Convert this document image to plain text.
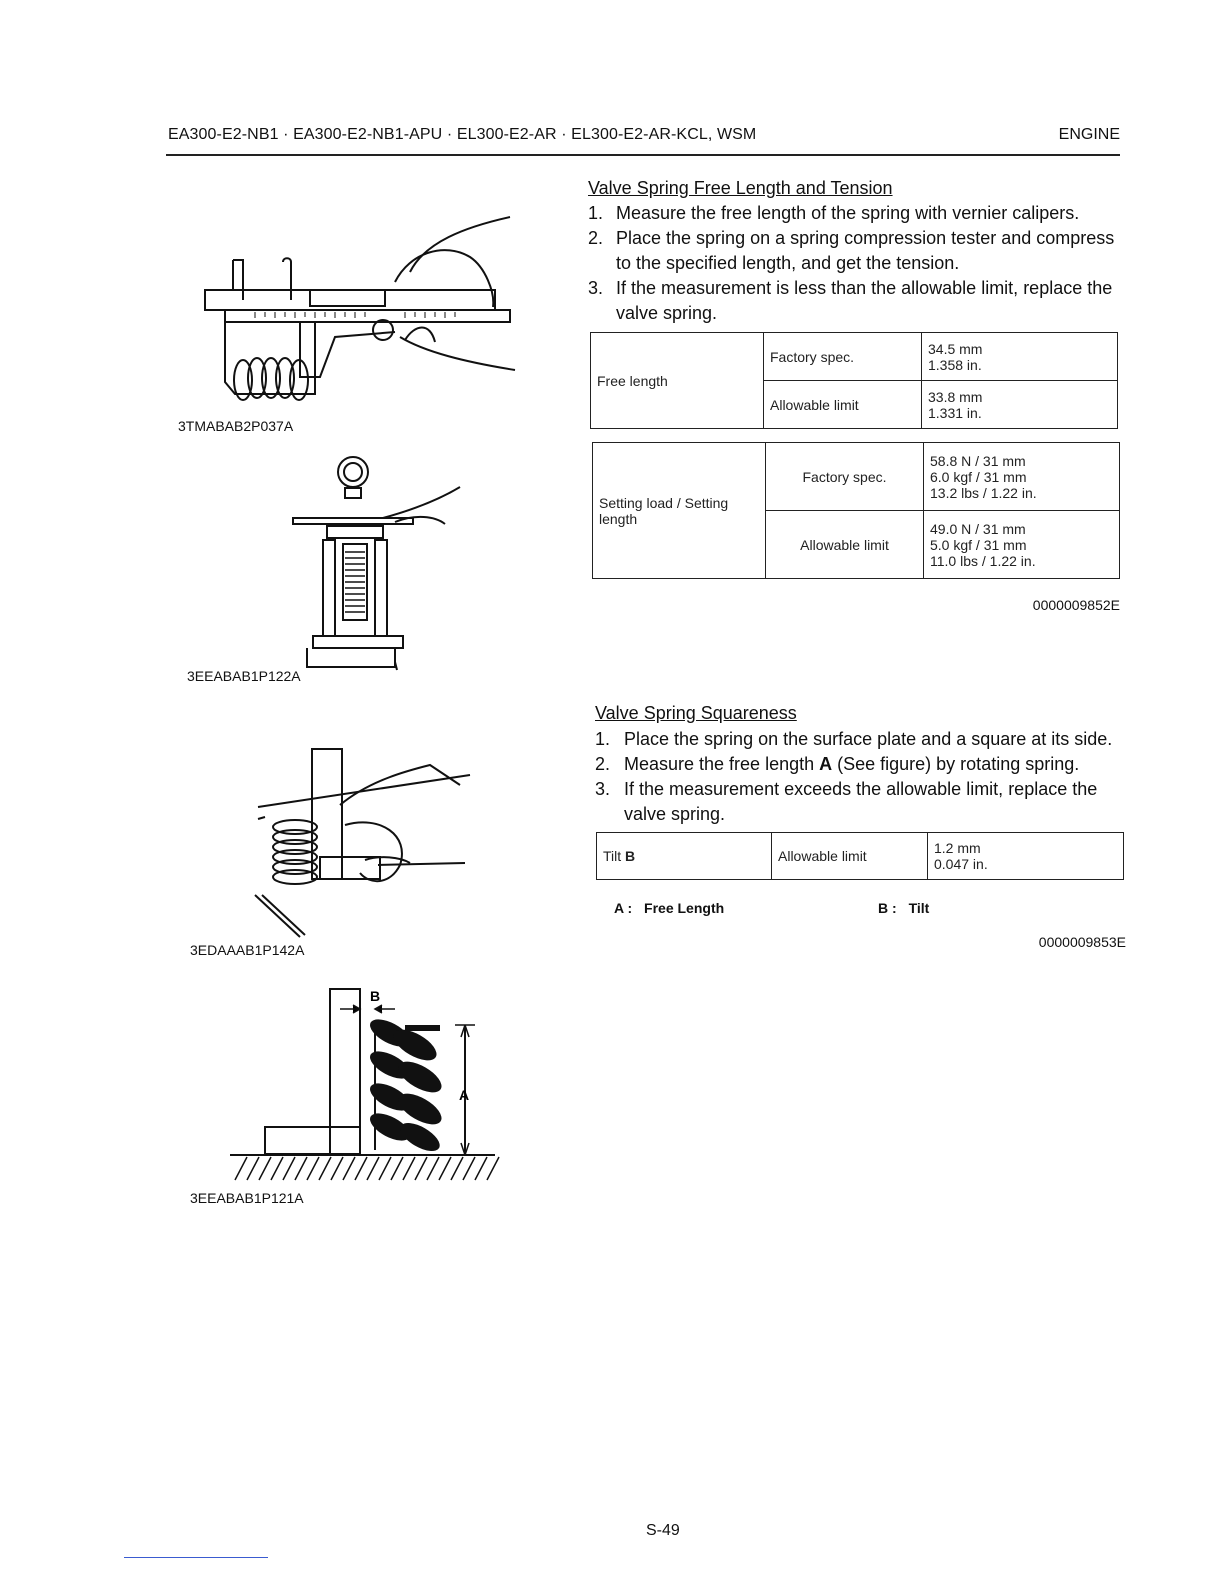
EA300-E2-NB1 · EA300-E2-NB1-APU · EL300-E2-AR · EL300-E2-AR-KCL, WSM	ENGINE
3TMABAB2P037A
3EEABAB1P122A
3EDAAAB1P142A
B
A
3EEABAB1P121A
Valve Spring Free Length and Tension
1. Measure the free length of the spring with vernier calipers.
2. Place the spring on a spring compression tester and compress to the specified length, and get the tension.
3. If the measurement is less than the allowable limit, replace the valve spring.
Free length	Factory spec.	34.5 mm
1.358 in.

	Allowable limit	33.8 mm
1.331 in.
Setting load / Setting length	Factory spec.	58.8 N / 31 mm
6.0 kgf / 31 mm
13.2 lbs / 1.22 in.

	Allowable limit	49.0 N / 31 mm
5.0 kgf / 31 mm
11.0 lbs / 1.22 in.
0000009852E
Valve Spring Squareness
1. Place the spring on the surface plate and a square at its side.
2. Measure the free length A (See figure) by rotating spring.
3. If the measurement exceeds the allowable limit, replace the valve spring.
Tilt B	Allowable limit	1.2 mm
0.047 in.
A : Free Length	B : Tilt
0000009853E
S-49
